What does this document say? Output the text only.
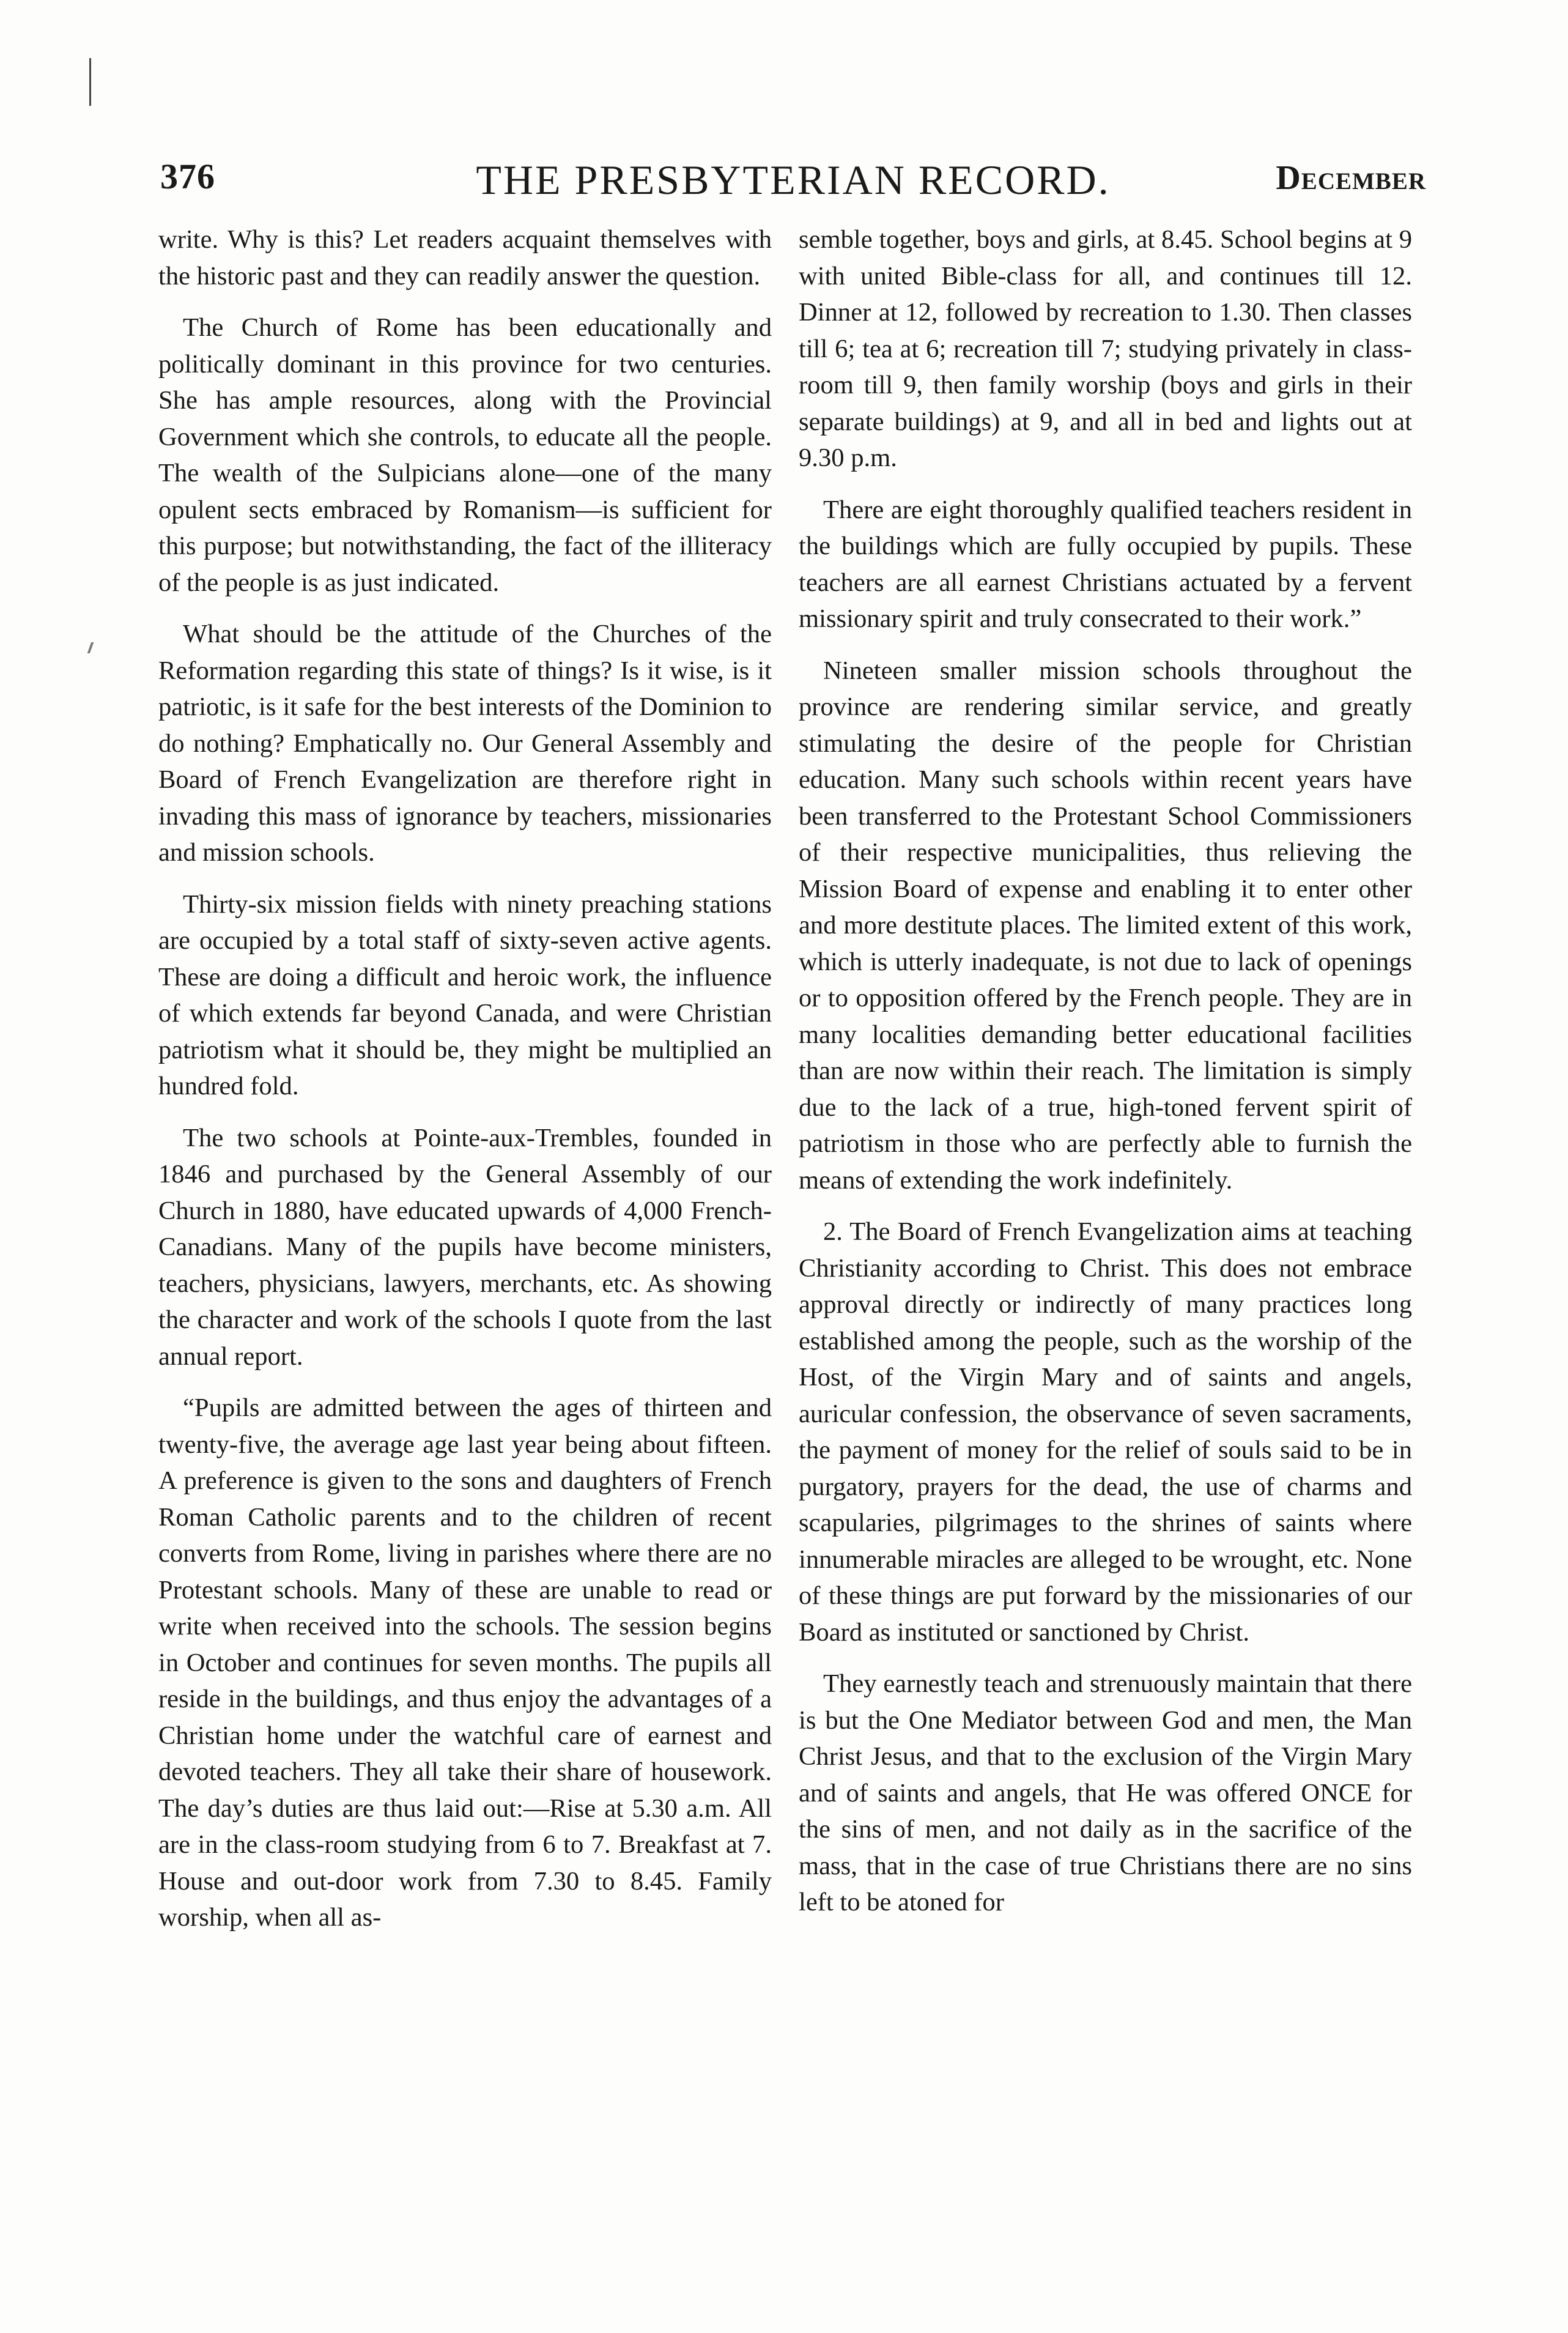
376	THE PRESBYTERIAN RECORD.	December

write. Why is this? Let readers acquaint themselves with the historic past and they can readily answer the question.

The Church of Rome has been educationally and politically dominant in this province for two centuries. She has ample resources, along with the Provincial Government which she controls, to educate all the people. The wealth of the Sulpicians alone—one of the many opulent sects embraced by Romanism—is sufficient for this purpose; but notwithstanding, the fact of the illiteracy of the people is as just indicated.

What should be the attitude of the Churches of the Reformation regarding this state of things? Is it wise, is it patriotic, is it safe for the best interests of the Dominion to do nothing? Emphatically no. Our General Assembly and Board of French Evangelization are therefore right in invading this mass of ignorance by teachers, missionaries and mission schools.

Thirty-six mission fields with ninety preaching stations are occupied by a total staff of sixty-seven active agents. These are doing a difficult and heroic work, the influence of which extends far beyond Canada, and were Christian patriotism what it should be, they might be multiplied an hundred fold.

The two schools at Pointe-aux-Trembles, founded in 1846 and purchased by the General Assembly of our Church in 1880, have educated upwards of 4,000 French-Canadians. Many of the pupils have become ministers, teachers, physicians, lawyers, merchants, etc. As showing the character and work of the schools I quote from the last annual report.

“Pupils are admitted between the ages of thirteen and twenty-five, the average age last year being about fifteen. A preference is given to the sons and daughters of French Roman Catholic parents and to the children of recent converts from Rome, living in parishes where there are no Protestant schools. Many of these are unable to read or write when received into the schools. The session begins in October and continues for seven months. The pupils all reside in the buildings, and thus enjoy the advantages of a Christian home under the watchful care of earnest and devoted teachers. They all take their share of housework. The day’s duties are thus laid out:—Rise at 5.30 a.m. All are in the class-room studying from 6 to 7. Breakfast at 7. House and out-door work from 7.30 to 8.45. Family worship, when all as-

semble together, boys and girls, at 8.45. School begins at 9 with united Bible-class for all, and continues till 12. Dinner at 12, followed by recreation to 1.30. Then classes till 6; tea at 6; recreation till 7; studying privately in class-room till 9, then family worship (boys and girls in their separate buildings) at 9, and all in bed and lights out at 9.30 p.m.

There are eight thoroughly qualified teachers resident in the buildings which are fully occupied by pupils. These teachers are all earnest Christians actuated by a fervent missionary spirit and truly consecrated to their work.”

Nineteen smaller mission schools throughout the province are rendering similar service, and greatly stimulating the desire of the people for Christian education. Many such schools within recent years have been transferred to the Protestant School Commissioners of their respective municipalities, thus relieving the Mission Board of expense and enabling it to enter other and more destitute places. The limited extent of this work, which is utterly inadequate, is not due to lack of openings or to opposition offered by the French people. They are in many localities demanding better educational facilities than are now within their reach. The limitation is simply due to the lack of a true, high-toned fervent spirit of patriotism in those who are perfectly able to furnish the means of extending the work indefinitely.

2. The Board of French Evangelization aims at teaching Christianity according to Christ. This does not embrace approval directly or indirectly of many practices long established among the people, such as the worship of the Host, of the Virgin Mary and of saints and angels, auricular confession, the observance of seven sacraments, the payment of money for the relief of souls said to be in purgatory, prayers for the dead, the use of charms and scapularies, pilgrimages to the shrines of saints where innumerable miracles are alleged to be wrought, etc. None of these things are put forward by the missionaries of our Board as instituted or sanctioned by Christ.

They earnestly teach and strenuously maintain that there is but the One Mediator between God and men, the Man Christ Jesus, and that to the exclusion of the Virgin Mary and of saints and angels, that He was offered ONCE for the sins of men, and not daily as in the sacrifice of the mass, that in the case of true Christians there are no sins left to be atoned for
